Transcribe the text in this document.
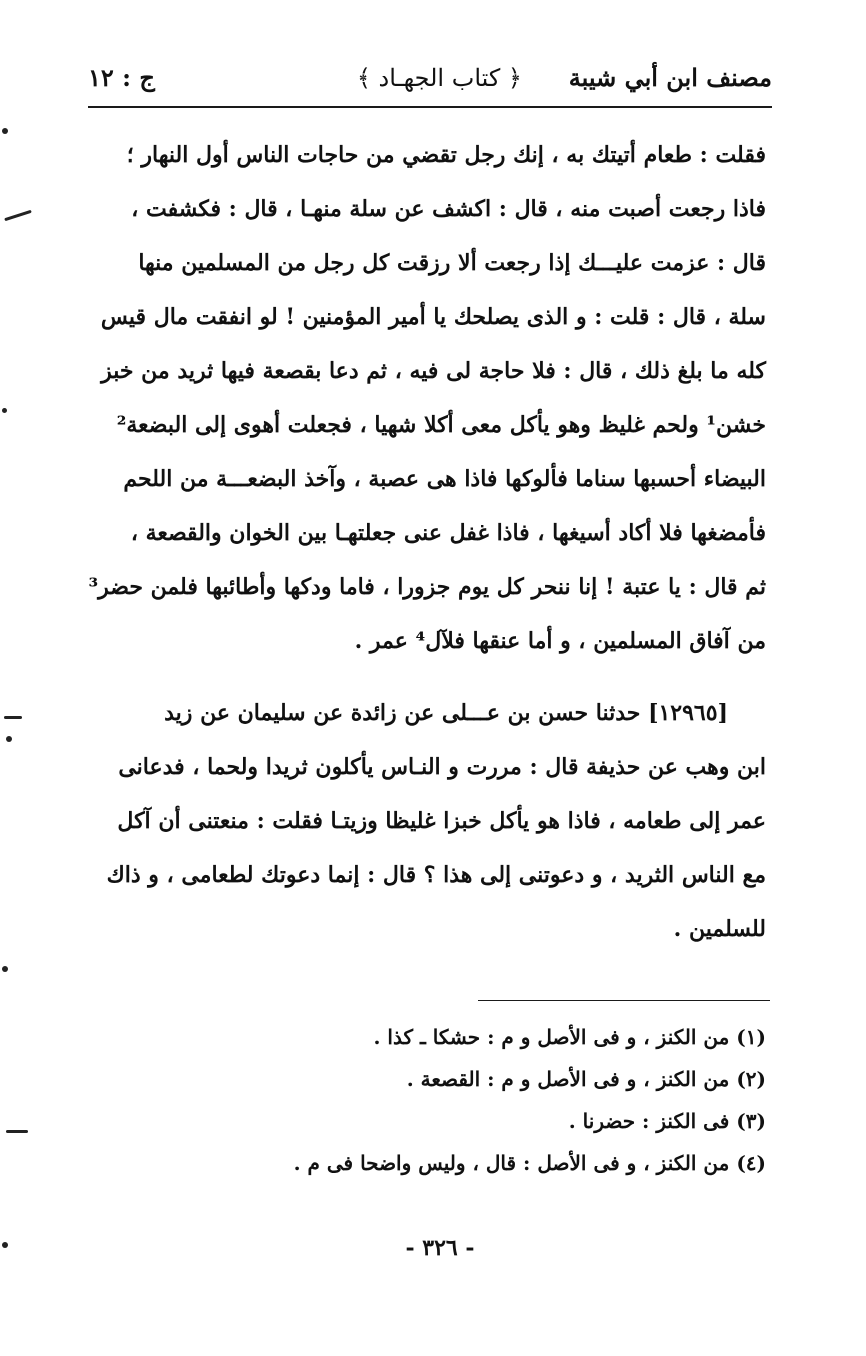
مصنف ابن أبي شيبة
﴿ كتاب الجهـاد ﴾
ج : ١٢
فقلت : طعام أتيتك به ، إنك رجل تقضي من حاجات الناس أول النهار ؛
فاذا رجعت أصبت منه ، قال : اكشف عن سلة منهـا ، قال : فكشفت ،
قال : عزمت عليـــك إذا رجعت ألا رزقت كل رجل من المسلمين منها
سلة ، قال : قلت : و الذى يصلحك يا أمير المؤمنين ! لو انفقت مال قيس
كله ما بلغ ذلك ، قال : فلا حاجة لى فيه ، ثم دعا بقصعة فيها ثريد من خبز
خشن¹ ولحم غليظ وهو يأكل معى أكلا شهيا ، فجعلت أهوى إلى البضعة²
البيضاء أحسبها سناما فألوكها فاذا هى عصبة ، وآخذ البضعـــة من اللحم
فأمضغها فلا أكاد أسيغها ، فاذا غفل عنى جعلتهـا بين الخوان والقصعة ،
ثم قال : يا عتبة ! إنا ننحر كل يوم جزورا ، فاما ودكها وأطائبها فلمن حضر³
من آفاق المسلمين ، و أما عنقها فلآل⁴ عمر .
[١٢٩٦٥] حدثنا حسن بن عـــلى عن زائدة عن سليمان عن زيد
ابن وهب عن حذيفة قال : مررت و النـاس يأكلون ثريدا ولحما ، فدعانى
عمر إلى طعامه ، فاذا هو يأكل خبزا غليظا وزيتـا فقلت : منعتنى أن آكل
مع الناس الثريد ، و دعوتنى إلى هذا ؟ قال : إنما دعوتك لطعامى ، و ذاك
للسلمين .
(١) من الكنز ، و فى الأصل و م : حشكا ـ كذا .
(٢) من الكنز ، و فى الأصل و م : القصعة .
(٣) فى الكنز : حضرنا .
(٤) من الكنز ، و فى الأصل : قال ، وليس واضحا فى م .
- ٣٢٦ -
